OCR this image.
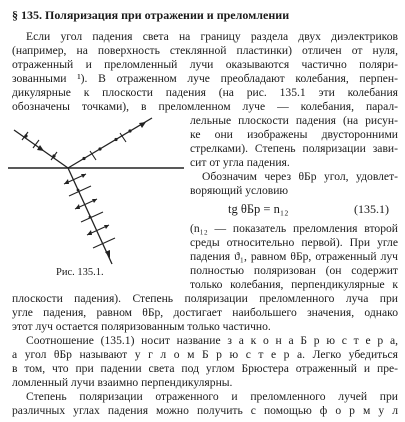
§ 135. Поляризация при отражении и преломлении
Если угол падения света на границу раздела двух диэлектриков
(например, на поверхность стеклянной пластинки) отличен от нуля,
отраженный и преломленный лучи оказываются частично поляри-
зованными ¹). В отраженном луче преобладают колебания, перпен-
дикулярные к плоскости падения (на рис. 135.1 эти колебания
обозначены точками), в преломленном луче — колебания, парал-
лельные плоскости падения (на рисун-
ке они изображены двусторонними
стрелками). Степень поляризации зави-
сит от угла падения.
Обозначим через θБр угол, удовлет-
воряющий условию
tg θБр = n₁₂	(135.1)
(n₁₂ — показатель преломления второй
среды относительно первой). При угле
падения ϑ₁, равном θБр, отраженный луч
полностью поляризован (он содержит
только колебания, перпендикулярные к
Рис. 135.1.
плоскости падения). Степень поляризации преломленного луча при
угле падения, равном θБр, достигает наибольшего значения, однако
этот луч остается поляризованным только частично.
Соотношение (135.1) носит название з а к о н а Б р ю с т е р а,
а угол θБр называют у г л о м Б р ю с т е р а. Легко убедиться
в том, что при падении света под углом Брюстера отраженный и пре-
ломленный лучи взаимно перпендикулярны.
Степень поляризации отраженного и преломленного лучей при
различных углах падения можно получить с помощью ф о р м у л
